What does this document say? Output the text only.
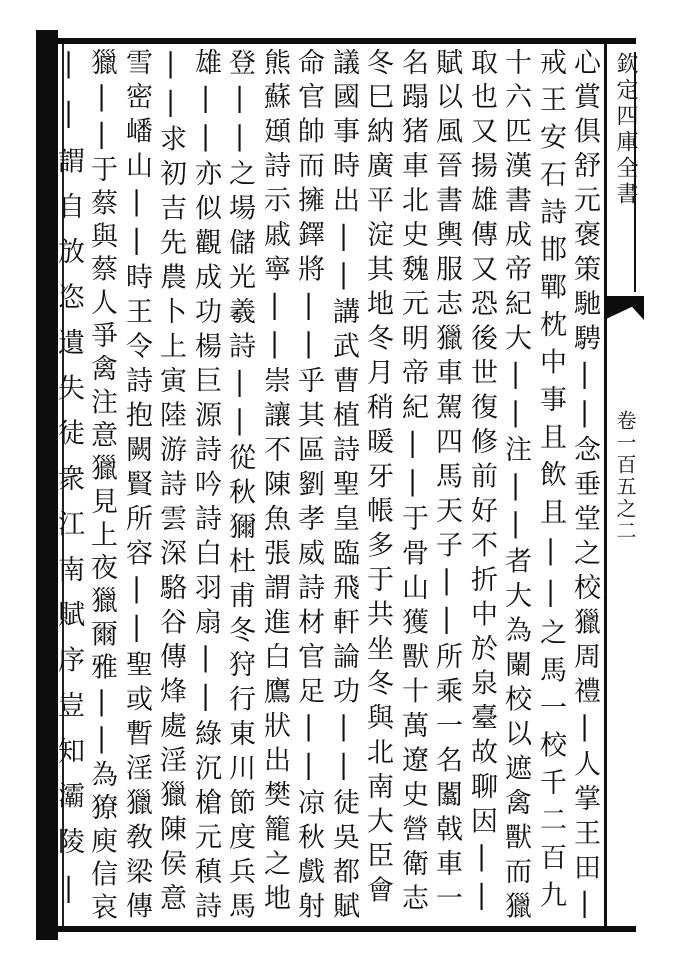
欽定四庫全書
卷一百五之二
心賞俱舒元褒策馳騁||念垂堂之校獵周禮|人掌王田|
戒王安石詩邯鄲枕中事且飲且||之馬一校千二百九
十六匹漢書成帝紀大||注||者大為闌校以遮禽獸而獵
取也又揚雄傳又恐後世復修前好不折中於泉臺故聊因||
賦以風晉書輿服志獵車駕四馬天子||所乘一名闟戟車一
名蹋猪車北史魏元明帝紀||于骨山獲獸十萬遼史營衛志
冬巳納廣平淀其地冬月稍暖牙帳多于共坐冬與北南大臣會
議國事時出||講武曹植詩聖皇臨飛軒論功||徒吳都賦
命官帥而擁鐸將||乎其區劉孝威詩材官足||凉秋戲射
熊蘇頲詩示戚寧||崇讓不陳魚張謂進白鷹狀出樊籠之地
登||之場儲光羲詩||從秋獮杜甫冬狩行東川節度兵馬
雄||亦似觀成功楊巨源詩吟詩白羽扇||綠沉槍元稹詩
||求初吉先農卜上寅陸游詩雲深駱谷傳烽處淫獵陳侯意
雪密嶓山||時王令詩抱闕賢所容||聖或暫淫獵敎梁傳
獵||于蔡與蔡人爭禽注意獵見上夜獵爾雅||為獠庾信哀
||謂自放恣遺失徒衆江南賦序豈知灞陵|
